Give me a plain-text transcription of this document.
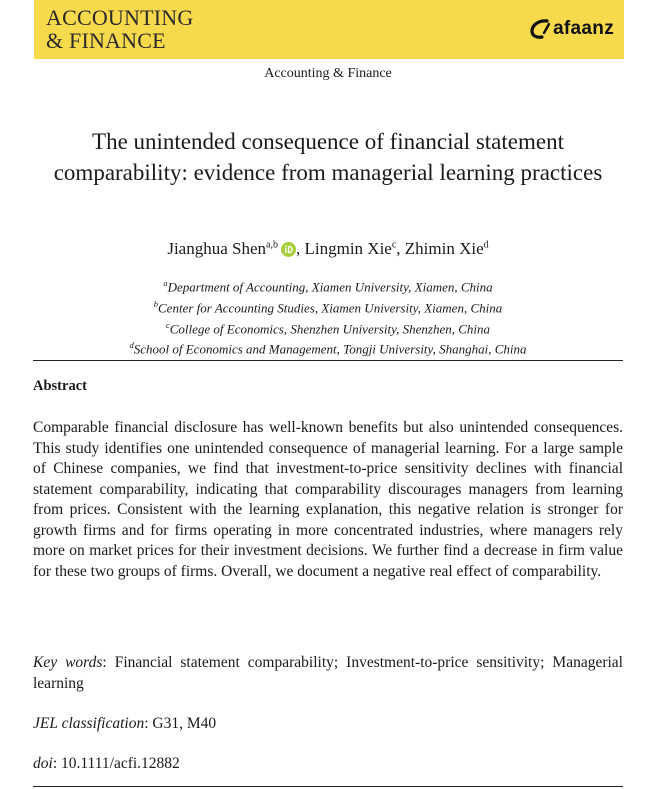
ACCOUNTING
& FINANCE	afaanz
Accounting & Finance
The unintended consequence of financial statement comparability: evidence from managerial learning practices
Jianghua Shen$^{a,b}$ , Lingmin Xie$^c$, Zhimin Xie$^d$
$^a$Department of Accounting, Xiamen University, Xiamen, China
$^b$Center for Accounting Studies, Xiamen University, Xiamen, China
$^c$College of Economics, Shenzhen University, Shenzhen, China
$^d$School of Economics and Management, Tongji University, Shanghai, China
Abstract

Comparable financial disclosure has well-known benefits but also unintended consequences. This study identifies one unintended consequence of managerial learning. For a large sample of Chinese companies, we find that investment-to-price sensitivity declines with financial statement comparability, indicating that comparability discourages managers from learning from prices. Consistent with the learning explanation, this negative relation is stronger for growth firms and for firms operating in more concentrated industries, where managers rely more on market prices for their investment decisions. We further find a decrease in firm value for these two groups of firms. Overall, we document a negative real effect of comparability.

Key words: Financial statement comparability; Investment-to-price sensitivity; Managerial learning
JEL classification: G31, M40
doi: 10.1111/acfi.12882
